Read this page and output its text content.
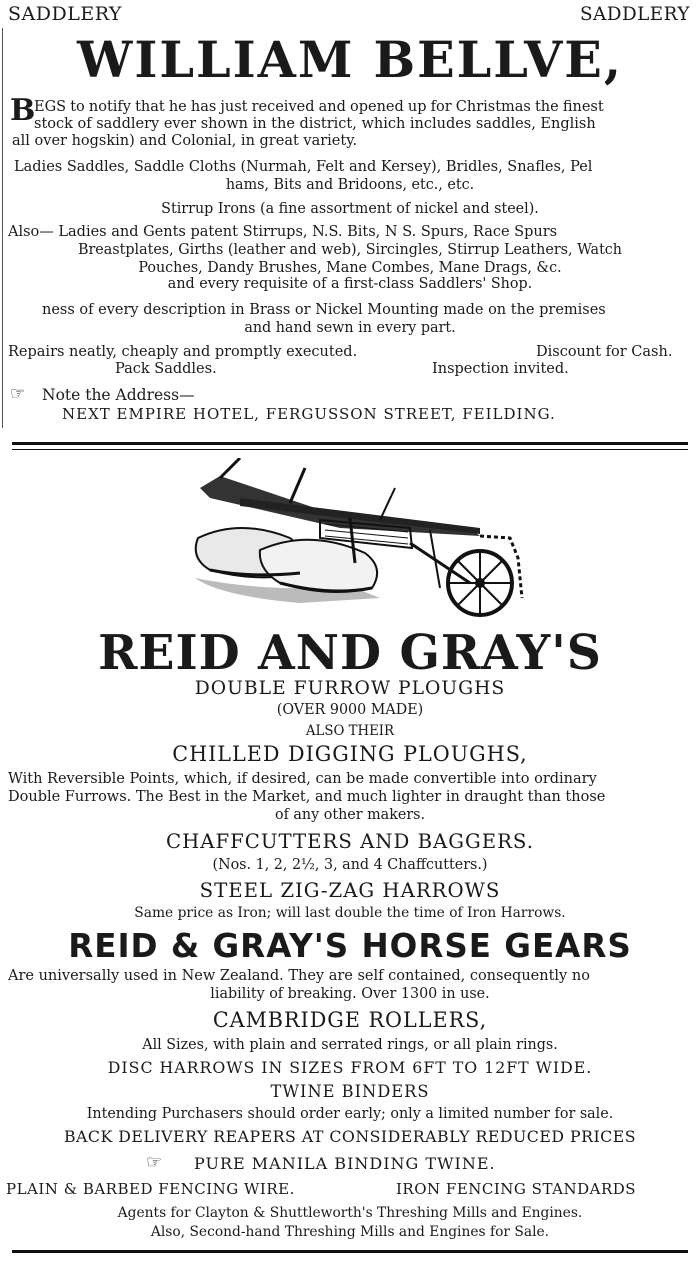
SADDLERY	SADDLERY
WILLIAM BELLVE,
B
EGS to notify that he has just received and opened up for Christmas the finest
stock of saddlery ever shown in the district, which includes saddles, English
all over hogskin) and Colonial, in great variety.
Ladies Saddles, Saddle Cloths (Nurmah, Felt and Kersey), Bridles, Snafles, Pel
hams, Bits and Bridoons, etc., etc.
Stirrup Irons (a fine assortment of nickel and steel).
Also— Ladies and Gents patent Stirrups, N.S. Bits, N S. Spurs, Race Spurs
Breastplates, Girths (leather and web), Sircingles, Stirrup Leathers, Watch
Pouches, Dandy Brushes, Mane Combes, Mane Drags, &c.
and every requisite of a first-class Saddlers' Shop.
ness of every description in Brass or Nickel Mounting made on the premises
and hand sewn in every part.
Repairs neatly, cheaply and promptly executed.	Discount for Cash.
Pack Saddles.	Inspection invited.
☞ Note the Address—
NEXT EMPIRE HOTEL, FERGUSSON STREET, FEILDING.
REID AND GRAY'S
DOUBLE FURROW PLOUGHS
(OVER 9000 MADE)
ALSO THEIR
CHILLED DIGGING PLOUGHS,
With Reversible Points, which, if desired, can be made convertible into ordinary
Double Furrows. The Best in the Market, and much lighter in draught than those
of any other makers.
CHAFFCUTTERS AND BAGGERS.
(Nos. 1, 2, 2½, 3, and 4 Chaffcutters.)
STEEL ZIG-ZAG HARROWS
Same price as Iron; will last double the time of Iron Harrows.
REID & GRAY'S HORSE GEARS
Are universally used in New Zealand. They are self contained, consequently no
liability of breaking. Over 1300 in use.
CAMBRIDGE ROLLERS,
All Sizes, with plain and serrated rings, or all plain rings.
DISC HARROWS IN SIZES FROM 6FT TO 12FT WIDE.
TWINE BINDERS
Intending Purchasers should order early; only a limited number for sale.
BACK DELIVERY REAPERS AT CONSIDERABLY REDUCED PRICES
☞ PURE MANILA BINDING TWINE.
PLAIN & BARBED FENCING WIRE.	IRON FENCING STANDARDS
Agents for Clayton & Shuttleworth's Threshing Mills and Engines.
Also, Second-hand Threshing Mills and Engines for Sale.
